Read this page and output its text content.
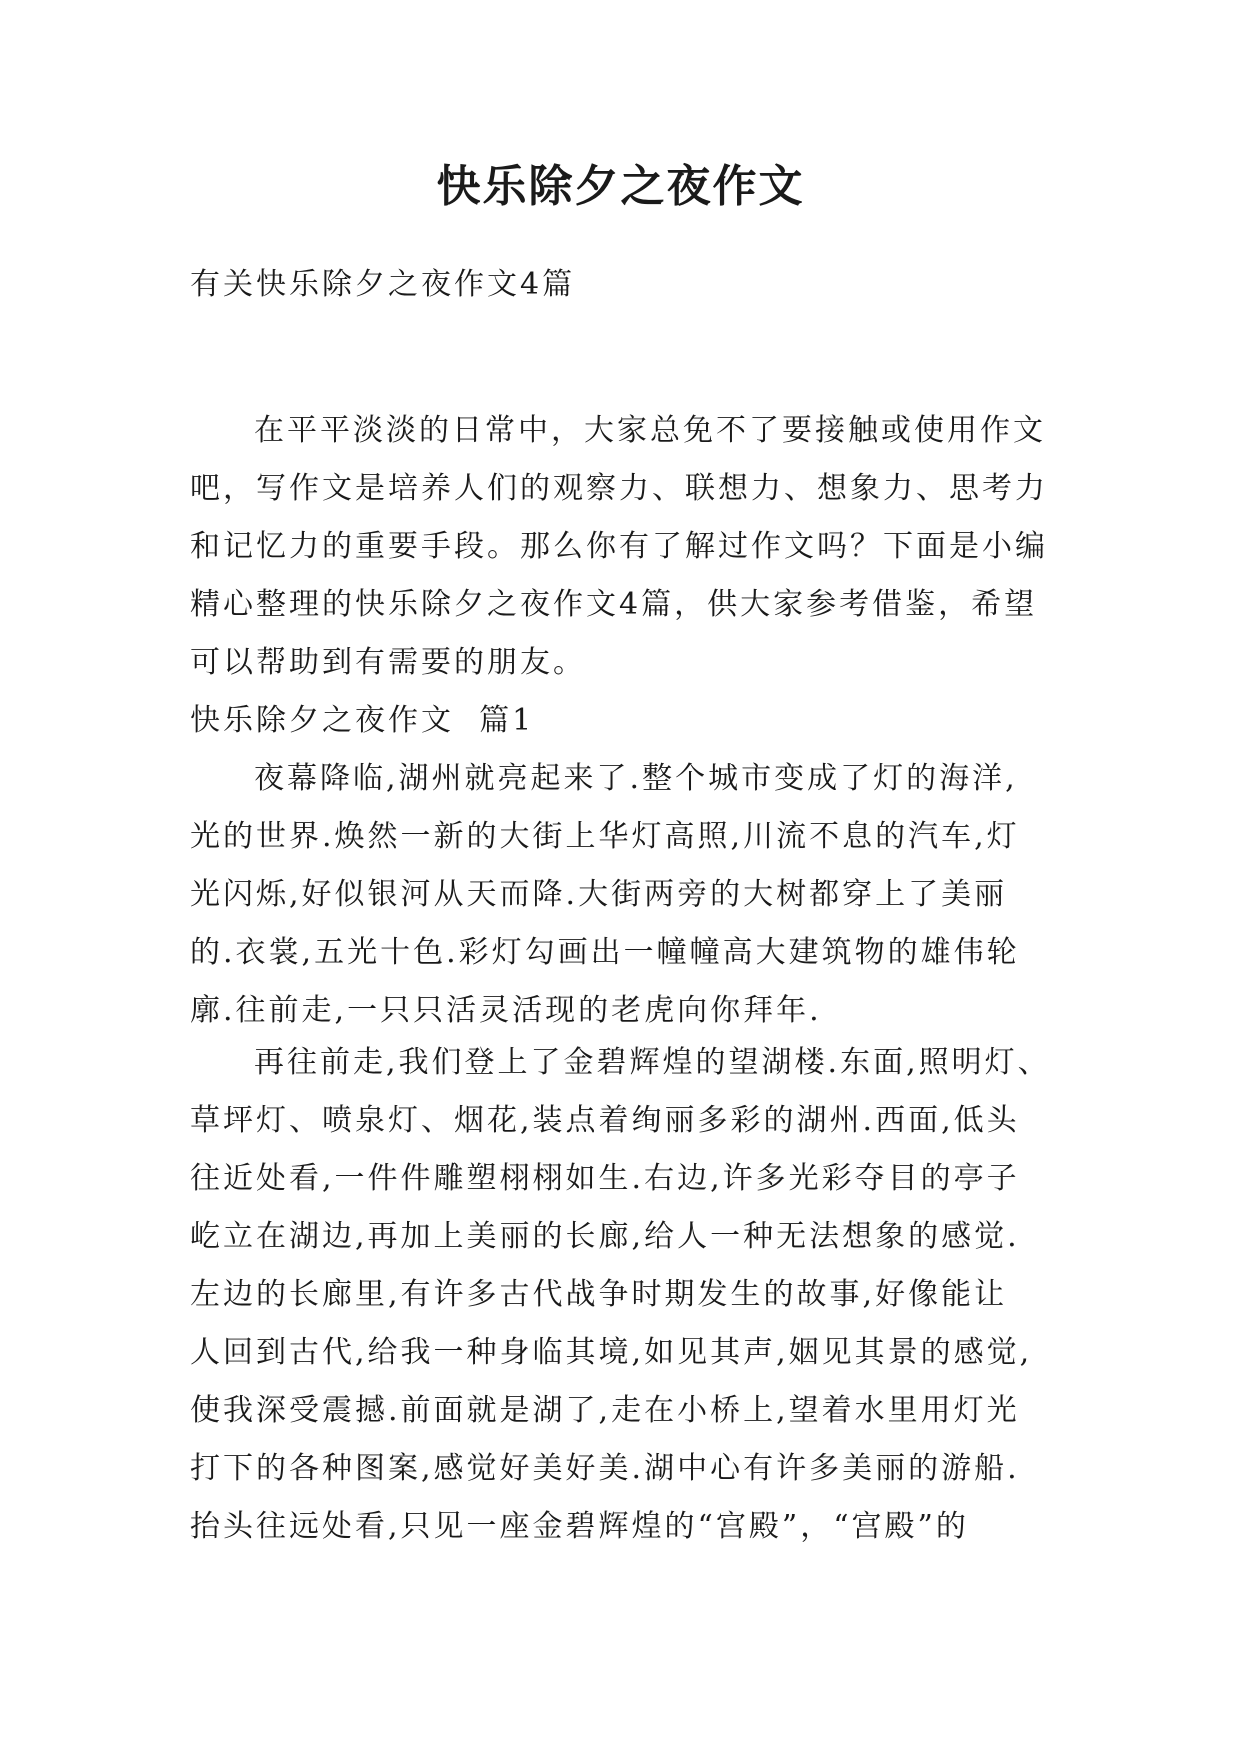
快乐除夕之夜作文
有关快乐除夕之夜作文4篇
在平平淡淡的日常中，大家总免不了要接触或使用作文
吧，写作文是培养人们的观察力、联想力、想象力、思考力
和记忆力的重要手段。那么你有了解过作文吗？下面是小编
精心整理的快乐除夕之夜作文4篇，供大家参考借鉴，希望
可以帮助到有需要的朋友。
快乐除夕之夜作文  篇1
夜幕降临,湖州就亮起来了.整个城市变成了灯的海洋,
光的世界.焕然一新的大街上华灯高照,川流不息的汽车,灯
光闪烁,好似银河从天而降.大街两旁的大树都穿上了美丽
的.衣裳,五光十色.彩灯勾画出一幢幢高大建筑物的雄伟轮
廓.往前走,一只只活灵活现的老虎向你拜年.
再往前走,我们登上了金碧辉煌的望湖楼.东面,照明灯、
草坪灯、喷泉灯、烟花,装点着绚丽多彩的湖州.西面,低头
往近处看,一件件雕塑栩栩如生.右边,许多光彩夺目的亭子
屹立在湖边,再加上美丽的长廊,给人一种无法想象的感觉.
左边的长廊里,有许多古代战争时期发生的故事,好像能让
人回到古代,给我一种身临其境,如见其声,姻见其景的感觉,
使我深受震撼.前面就是湖了,走在小桥上,望着水里用灯光
打下的各种图案,感觉好美好美.湖中心有许多美丽的游船.
抬头往远处看,只见一座金碧辉煌的“宫殿”，“宫殿”的
